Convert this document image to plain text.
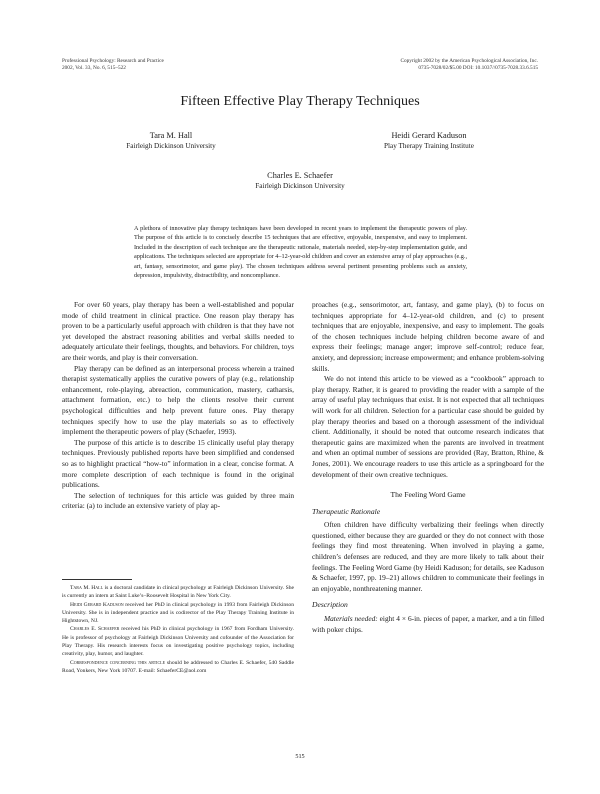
Professional Psychology: Research and Practice
2002, Vol. 33, No. 6, 515–522
Copyright 2002 by the American Psychological Association, Inc.
0735-7028/02/$5.00 DOI: 10.1037//0735-7028.33.6.515
Fifteen Effective Play Therapy Techniques
Tara M. Hall
Fairleigh Dickinson University
Heidi Gerard Kaduson
Play Therapy Training Institute
Charles E. Schaefer
Fairleigh Dickinson University
A plethora of innovative play therapy techniques have been developed in recent years to implement the therapeutic powers of play. The purpose of this article is to concisely describe 15 techniques that are effective, enjoyable, inexpensive, and easy to implement. Included in the description of each technique are the therapeutic rationale, materials needed, step-by-step implementation guide, and applications. The techniques selected are appropriate for 4–12-year-old children and cover an extensive array of play approaches (e.g., art, fantasy, sensorimotor, and game play). The chosen techniques address several pertinent presenting problems such as anxiety, depression, impulsivity, distractibility, and noncompliance.

For over 60 years, play therapy has been a well-established and popular mode of child treatment in clinical practice. One reason play therapy has proven to be a particularly useful approach with children is that they have not yet developed the abstract reasoning abilities and verbal skills needed to adequately articulate their feelings, thoughts, and behaviors. For children, toys are their words, and play is their conversation.

Play therapy can be defined as an interpersonal process wherein a trained therapist systematically applies the curative powers of play (e.g., relationship enhancement, role-playing, abreaction, communication, mastery, catharsis, attachment formation, etc.) to help the clients resolve their current psychological difficulties and help prevent future ones. Play therapy techniques specify how to use the play materials so as to effectively implement the therapeutic powers of play (Schaefer, 1993).

The purpose of this article is to describe 15 clinically useful play therapy techniques. Previously published reports have been simplified and condensed so as to highlight practical “how-to” information in a clear, concise format. A more complete description of each technique is found in the original publications.

The selection of techniques for this article was guided by three main criteria: (a) to include an extensive variety of play ap-

Tara M. Hall is a doctoral candidate in clinical psychology at Fairleigh Dickinson University. She is currently an intern at Saint Luke’s–Roosevelt Hospital in New York City.

Heidi Gerard Kaduson received her PhD in clinical psychology in 1993 from Fairleigh Dickinson University. She is in independent practice and is codirector of the Play Therapy Training Institute in Hightstown, NJ.

Charles E. Schaefer received his PhD in clinical psychology in 1967 from Fordham University. He is professor of psychology at Fairleigh Dickinson University and cofounder of the Association for Play Therapy. His research interests focus on investigating positive psychology topics, including creativity, play, humor, and laughter.

Correspondence concerning this article should be addressed to Charles E. Schaefer, 540 Saddle Road, Yonkers, New York 10707. E-mail: SchaeferCE@aol.com

proaches (e.g., sensorimotor, art, fantasy, and game play), (b) to focus on techniques appropriate for 4–12-year-old children, and (c) to present techniques that are enjoyable, inexpensive, and easy to implement. The goals of the chosen techniques include helping children become aware of and express their feelings; manage anger; improve self-control; reduce fear, anxiety, and depression; increase empowerment; and enhance problem-solving skills.

We do not intend this article to be viewed as a “cookbook” approach to play therapy. Rather, it is geared to providing the reader with a sample of the array of useful play techniques that exist. It is not expected that all techniques will work for all children. Selection for a particular case should be guided by play therapy theories and based on a thorough assessment of the individual client. Additionally, it should be noted that outcome research indicates that therapeutic gains are maximized when the parents are involved in treatment and when an optimal number of sessions are provided (Ray, Bratton, Rhine, & Jones, 2001). We encourage readers to use this article as a springboard for the development of their own creative techniques.

The Feeling Word Game
Therapeutic Rationale

Often children have difficulty verbalizing their feelings when directly questioned, either because they are guarded or they do not connect with those feelings they find most threatening. When involved in playing a game, children’s defenses are reduced, and they are more likely to talk about their feelings. The Feeling Word Game (by Heidi Kaduson; for details, see Kaduson & Schaefer, 1997, pp. 19–21) allows children to communicate their feelings in an enjoyable, nonthreatening manner.

Description

Materials needed: eight 4 × 6-in. pieces of paper, a marker, and a tin filled with poker chips.

515
